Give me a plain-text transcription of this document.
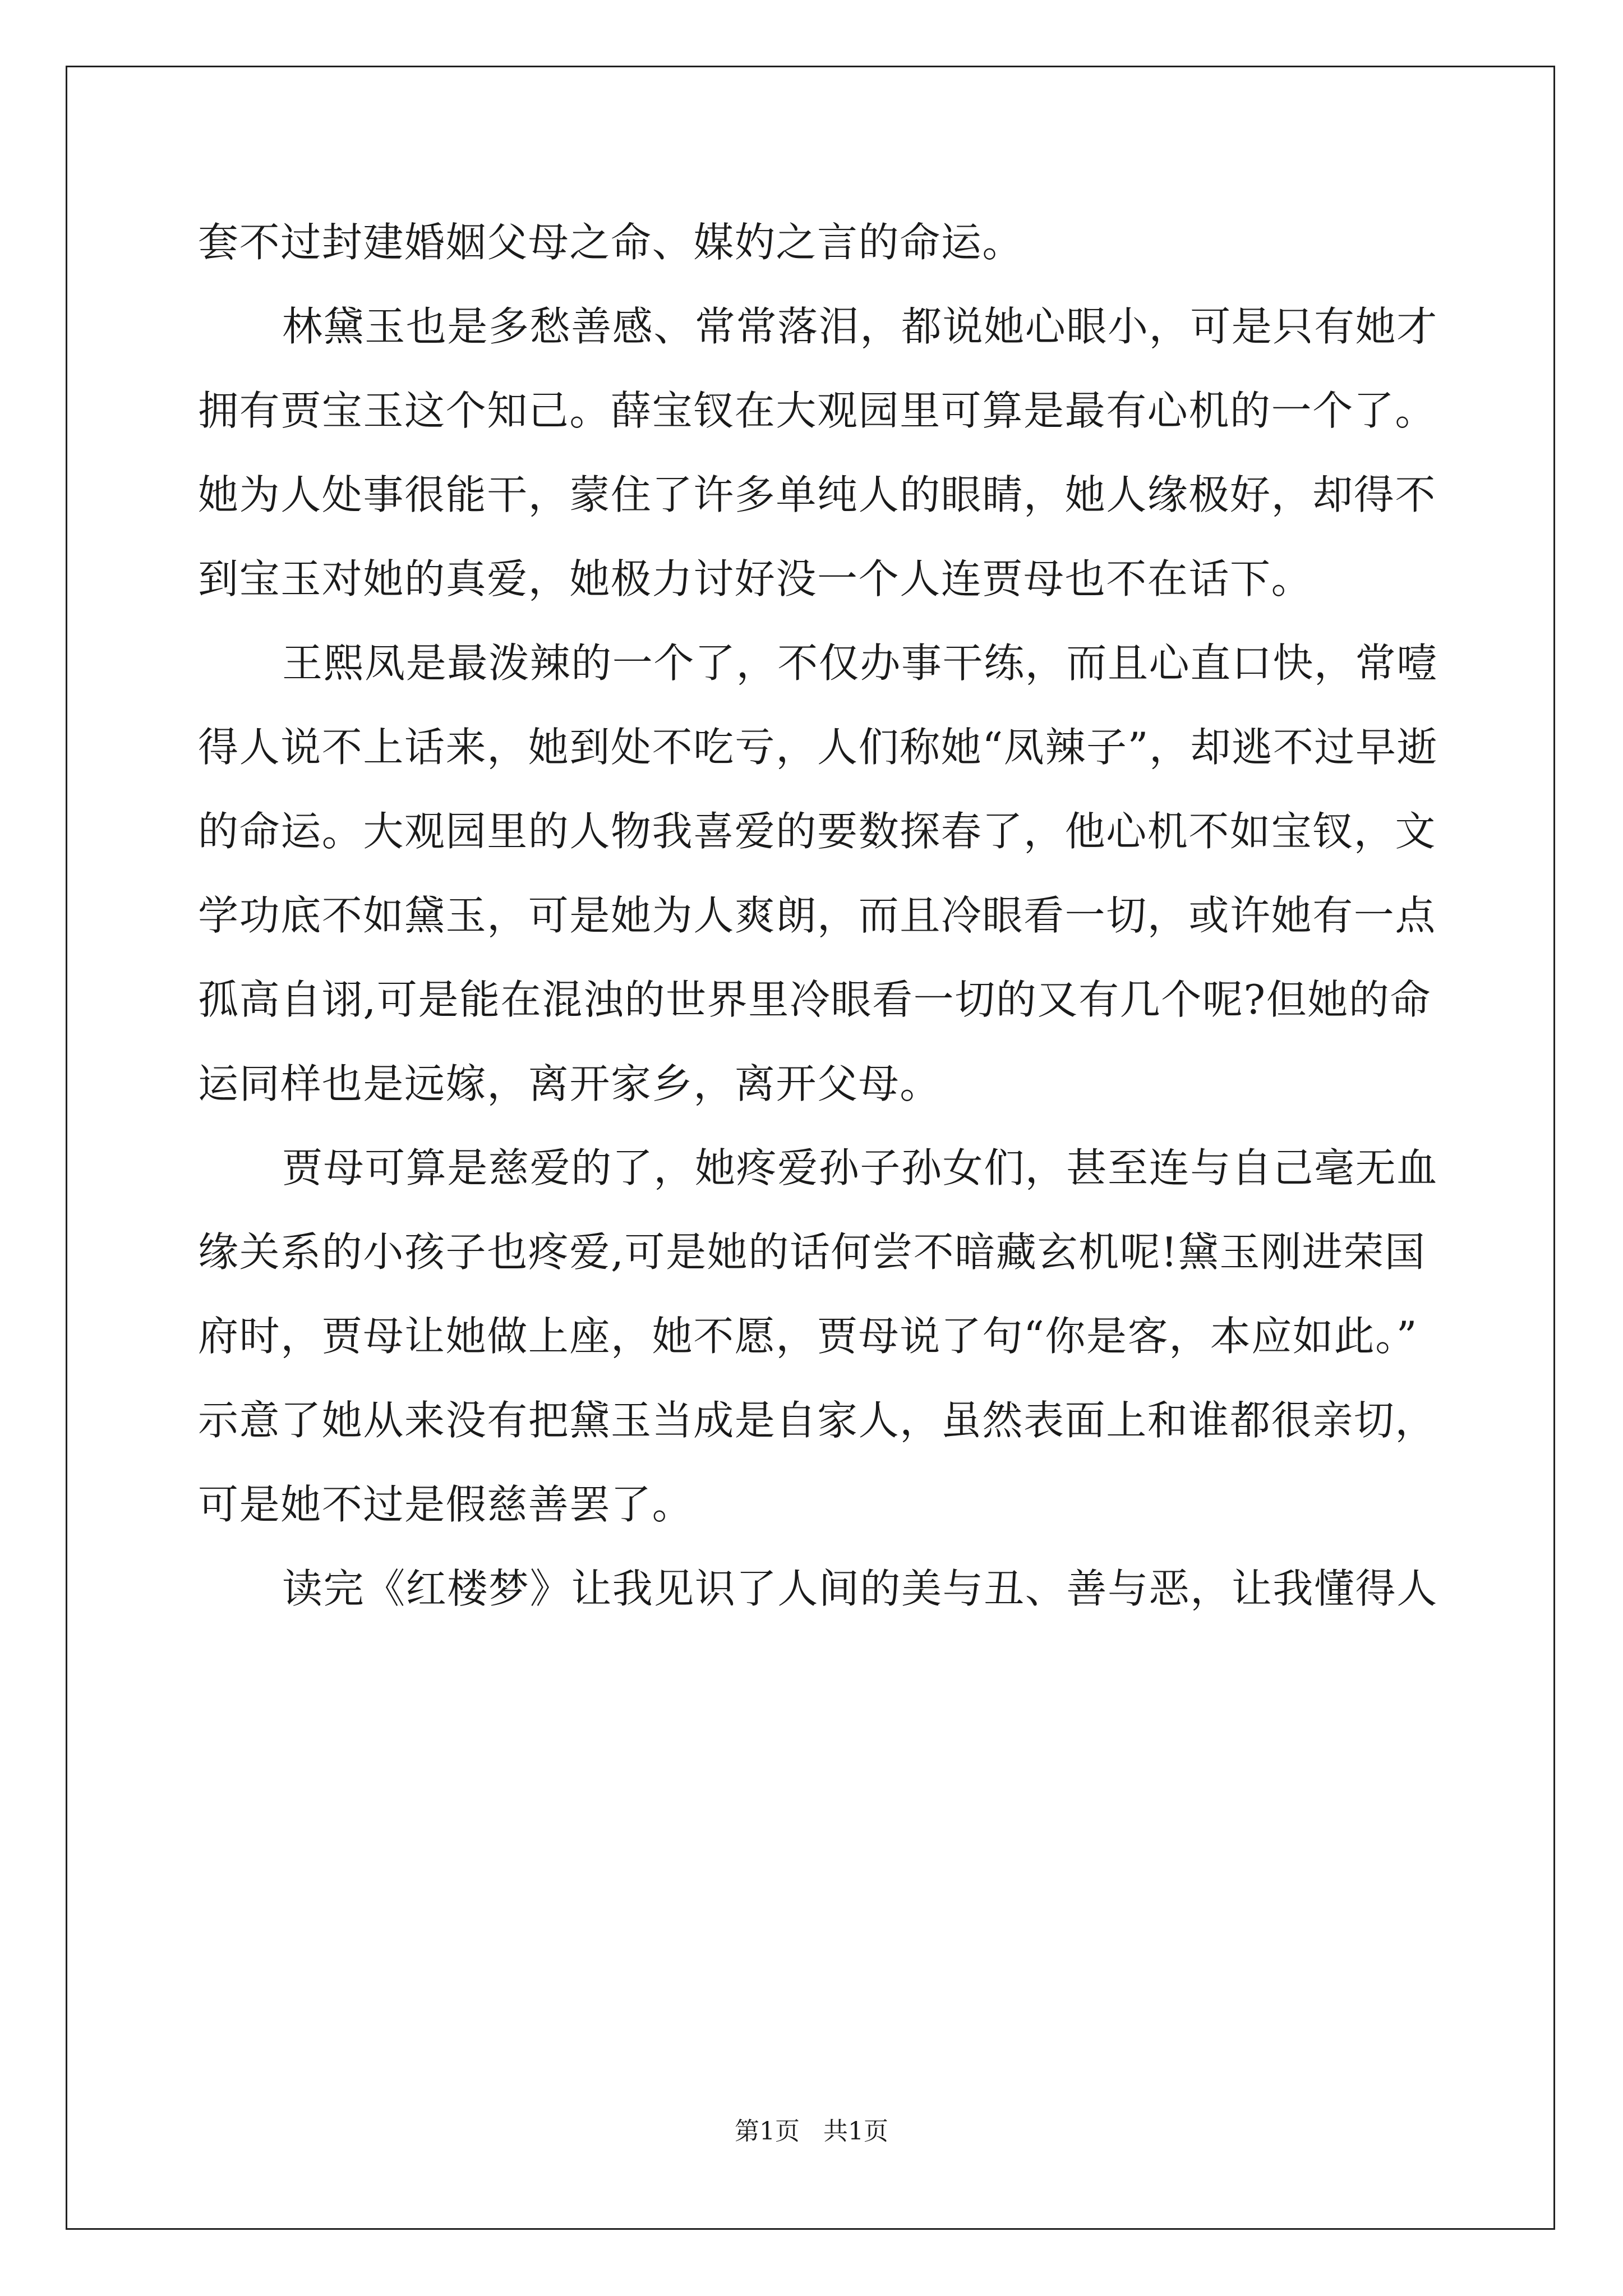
套不过封建婚姻父母之命、媒妁之言的命运。
林黛玉也是多愁善感、常常落泪，都说她心眼小，可是只有她才
拥有贾宝玉这个知己。薛宝钗在大观园里可算是最有心机的一个了。
她为人处事很能干，蒙住了许多单纯人的眼睛，她人缘极好，却得不
到宝玉对她的真爱，她极力讨好没一个人连贾母也不在话下。
王熙凤是最泼辣的一个了，不仅办事干练，而且心直口快，常噎
得人说不上话来，她到处不吃亏，人们称她“凤辣子”，却逃不过早逝
的命运。大观园里的人物我喜爱的要数探春了，他心机不如宝钗，文
学功底不如黛玉，可是她为人爽朗，而且冷眼看一切，或许她有一点
孤高自诩,可是能在混浊的世界里冷眼看一切的又有几个呢?但她的命
运同样也是远嫁，离开家乡，离开父母。
贾母可算是慈爱的了，她疼爱孙子孙女们，甚至连与自己毫无血
缘关系的小孩子也疼爱,可是她的话何尝不暗藏玄机呢!黛玉刚进荣国
府时，贾母让她做上座，她不愿，贾母说了句“你是客，本应如此。”
示意了她从来没有把黛玉当成是自家人，虽然表面上和谁都很亲切，
可是她不过是假慈善罢了。
读完《红楼梦》让我见识了人间的美与丑、善与恶，让我懂得人
第1页 共1页
